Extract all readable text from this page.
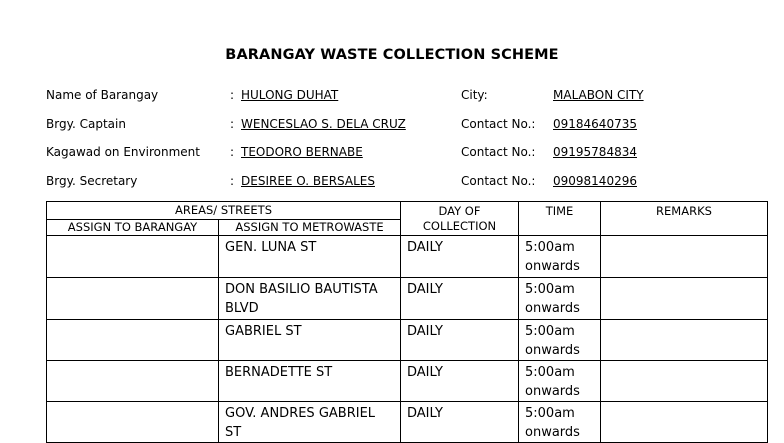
BARANGAY WASTE COLLECTION SCHEME
Name of Barangay	: HULONG DUHAT
Brgy. Captain	: WENCESLAO S. DELA CRUZ
Kagawad on Environment	: TEODORO BERNABE
Brgy. Secretary	: DESIREE O. BERSALES
City:	MALABON CITY
Contact No.: 09184640735
Contact No.: 09195784834
Contact No.: 09098140296
AREAS/ STREETS		DAY OF COLLECTION	TIME	REMARKS
ASSIGN TO BARANGAY	ASSIGN TO METROWASTE			
	GEN. LUNA ST	DAILY	5:00am onwards	
	DON BASILIO BAUTISTA BLVD	DAILY	5:00am onwards	
	GABRIEL ST	DAILY	5:00am onwards	
	BERNADETTE ST	DAILY	5:00am onwards	
	GOV. ANDRES GABRIEL ST	DAILY	5:00am onwards	
